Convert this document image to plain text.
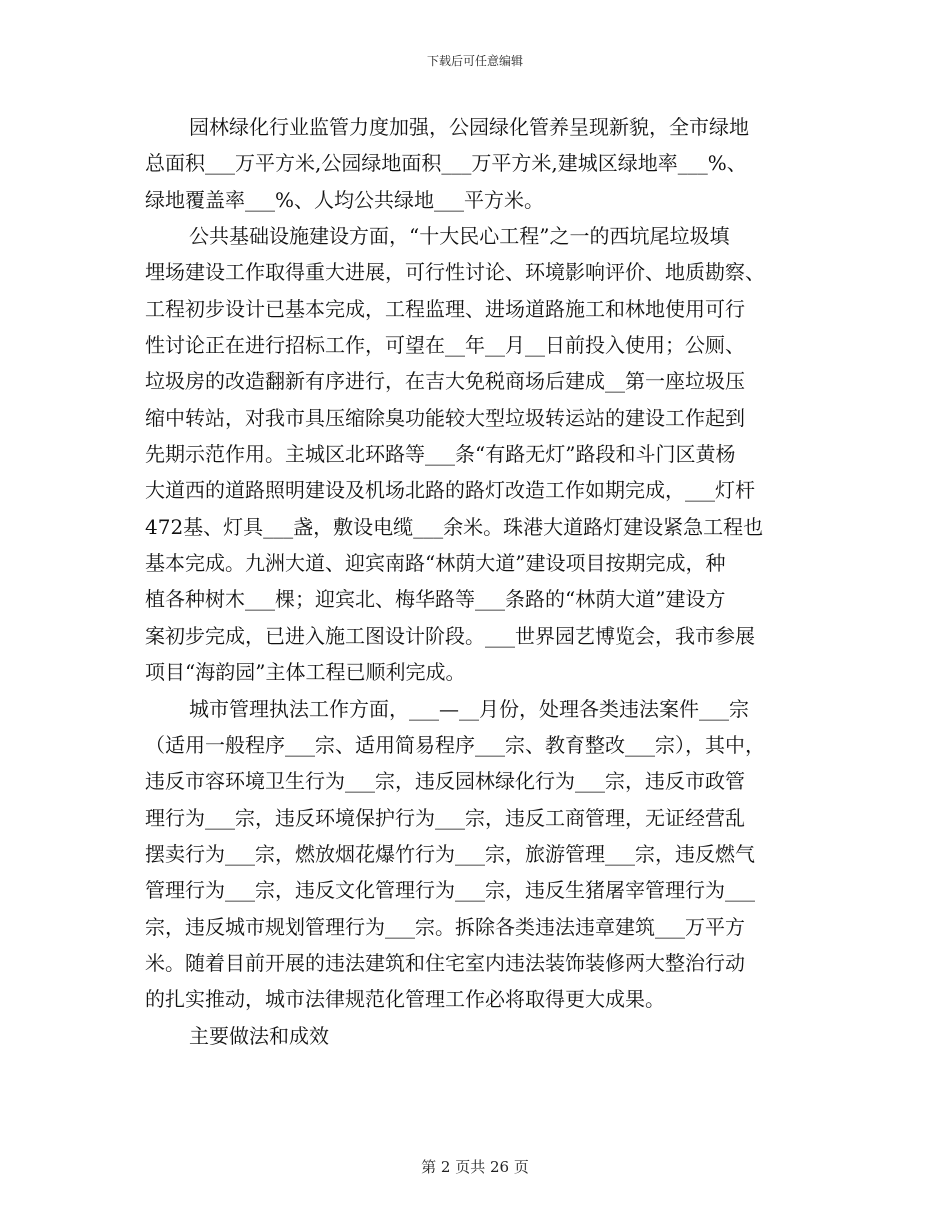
下载后可任意编辑
园林绿化行业监管力度加强，公园绿化管养呈现新貌，全市绿地
总面积___万平方米,公园绿地面积___万平方米,建城区绿地率___%、
绿地覆盖率___%、人均公共绿地___平方米。
公共基础设施建设方面，“十大民心工程”之一的西坑尾垃圾填
埋场建设工作取得重大进展，可行性讨论、环境影响评价、地质勘察、
工程初步设计已基本完成，工程监理、进场道路施工和林地使用可行
性讨论正在进行招标工作，可望在__年__月__日前投入使用；公厕、
垃圾房的改造翻新有序进行，在吉大免税商场后建成__第一座垃圾压
缩中转站，对我市具压缩除臭功能较大型垃圾转运站的建设工作起到
先期示范作用。主城区北环路等___条“有路无灯”路段和斗门区黄杨
大道西的道路照明建设及机场北路的路灯改造工作如期完成，___灯杆
472基、灯具___盏，敷设电缆___余米。珠港大道路灯建设紧急工程也
基本完成。九洲大道、迎宾南路“林荫大道”建设项目按期完成，种
植各种树木___棵；迎宾北、梅华路等___条路的“林荫大道”建设方
案初步完成，已进入施工图设计阶段。___世界园艺博览会，我市参展
项目“海韵园”主体工程已顺利完成。
城市管理执法工作方面，___—__月份，处理各类违法案件___宗
（适用一般程序___宗、适用简易程序___宗、教育整改___宗），其中，
违反市容环境卫生行为___宗，违反园林绿化行为___宗，违反市政管
理行为___宗，违反环境保护行为___宗，违反工商管理，无证经营乱
摆卖行为___宗，燃放烟花爆竹行为___宗，旅游管理___宗，违反燃气
管理行为___宗，违反文化管理行为___宗，违反生猪屠宰管理行为___
宗，违反城市规划管理行为___宗。拆除各类违法违章建筑___万平方
米。随着目前开展的违法建筑和住宅室内违法装饰装修两大整治行动
的扎实推动，城市法律规范化管理工作必将取得更大成果。
主要做法和成效
第 2 页共 26 页
